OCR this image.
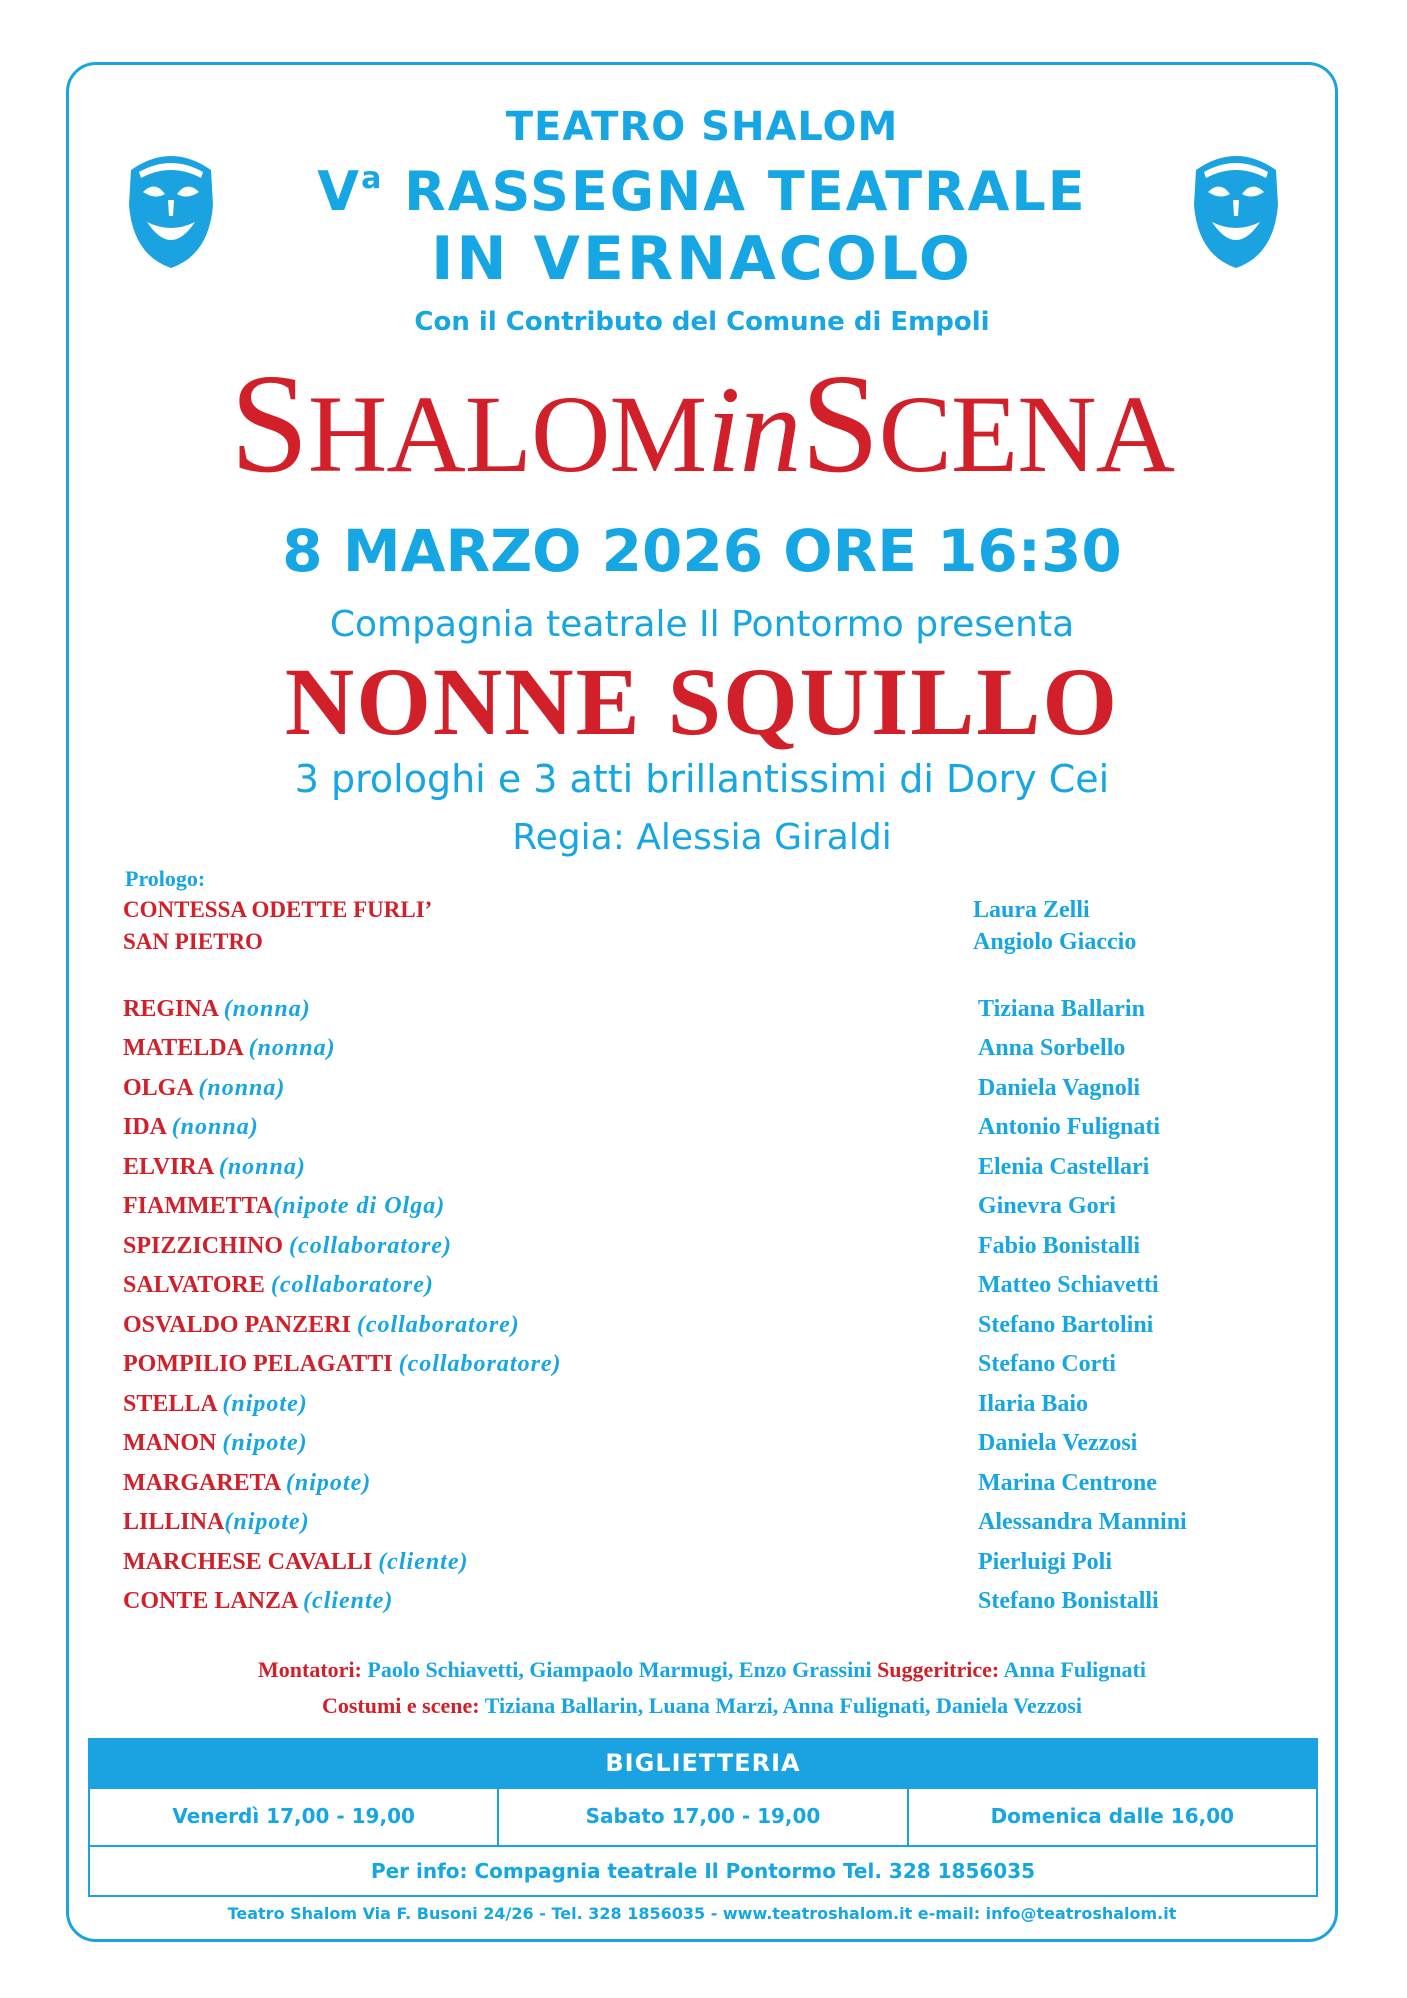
TEATRO SHALOM
$V^a$ RASSEGNA TEATRALE
IN VERNACOLO
Con il Contributo del Comune di Empoli
SHALOMinSCENA
8 MARZO 2026 ORE 16:30
Compagnia teatrale Il Pontormo presenta
NONNE SQUILLO
3 prologhi e 3 atti brillantissimi di Dory Cei
Regia: Alessia Giraldi
Prologo:
CONTESSA ODETTE FURLI’	Laura Zelli
SAN PIETRO	Angiolo Giaccio
REGINA (nonna)	Tiziana Ballarin
MATELDA (nonna)	Anna Sorbello
OLGA (nonna)	Daniela Vagnoli
IDA (nonna)	Antonio Fulignati
ELVIRA (nonna)	Elenia Castellari
FIAMMETTA(nipote di Olga)	Ginevra Gori
SPIZZICHINO (collaboratore)	Fabio Bonistalli
SALVATORE (collaboratore)	Matteo Schiavetti
OSVALDO PANZERI (collaboratore)	Stefano Bartolini
POMPILIO PELAGATTI (collaboratore)	Stefano Corti
STELLA (nipote)	Ilaria Baio
MANON (nipote)	Daniela Vezzosi
MARGARETA (nipote)	Marina Centrone
LILLINA(nipote)	Alessandra Mannini
MARCHESE CAVALLI (cliente)	Pierluigi Poli
CONTE LANZA (cliente)	Stefano Bonistalli
Montatori: Paolo Schiavetti, Giampaolo Marmugi, Enzo Grassini Suggeritrice: Anna Fulignati
Costumi e scene: Tiziana Ballarin, Luana Marzi, Anna Fulignati, Daniela Vezzosi
BIGLIETTERIA
Venerdì 17,00 - 19,00	Sabato 17,00 - 19,00	Domenica dalle 16,00
Per info: Compagnia teatrale Il Pontormo Tel. 328 1856035
Teatro Shalom Via F. Busoni 24/26 - Tel. 328 1856035 - www.teatroshalom.it e-mail: info@teatroshalom.it
